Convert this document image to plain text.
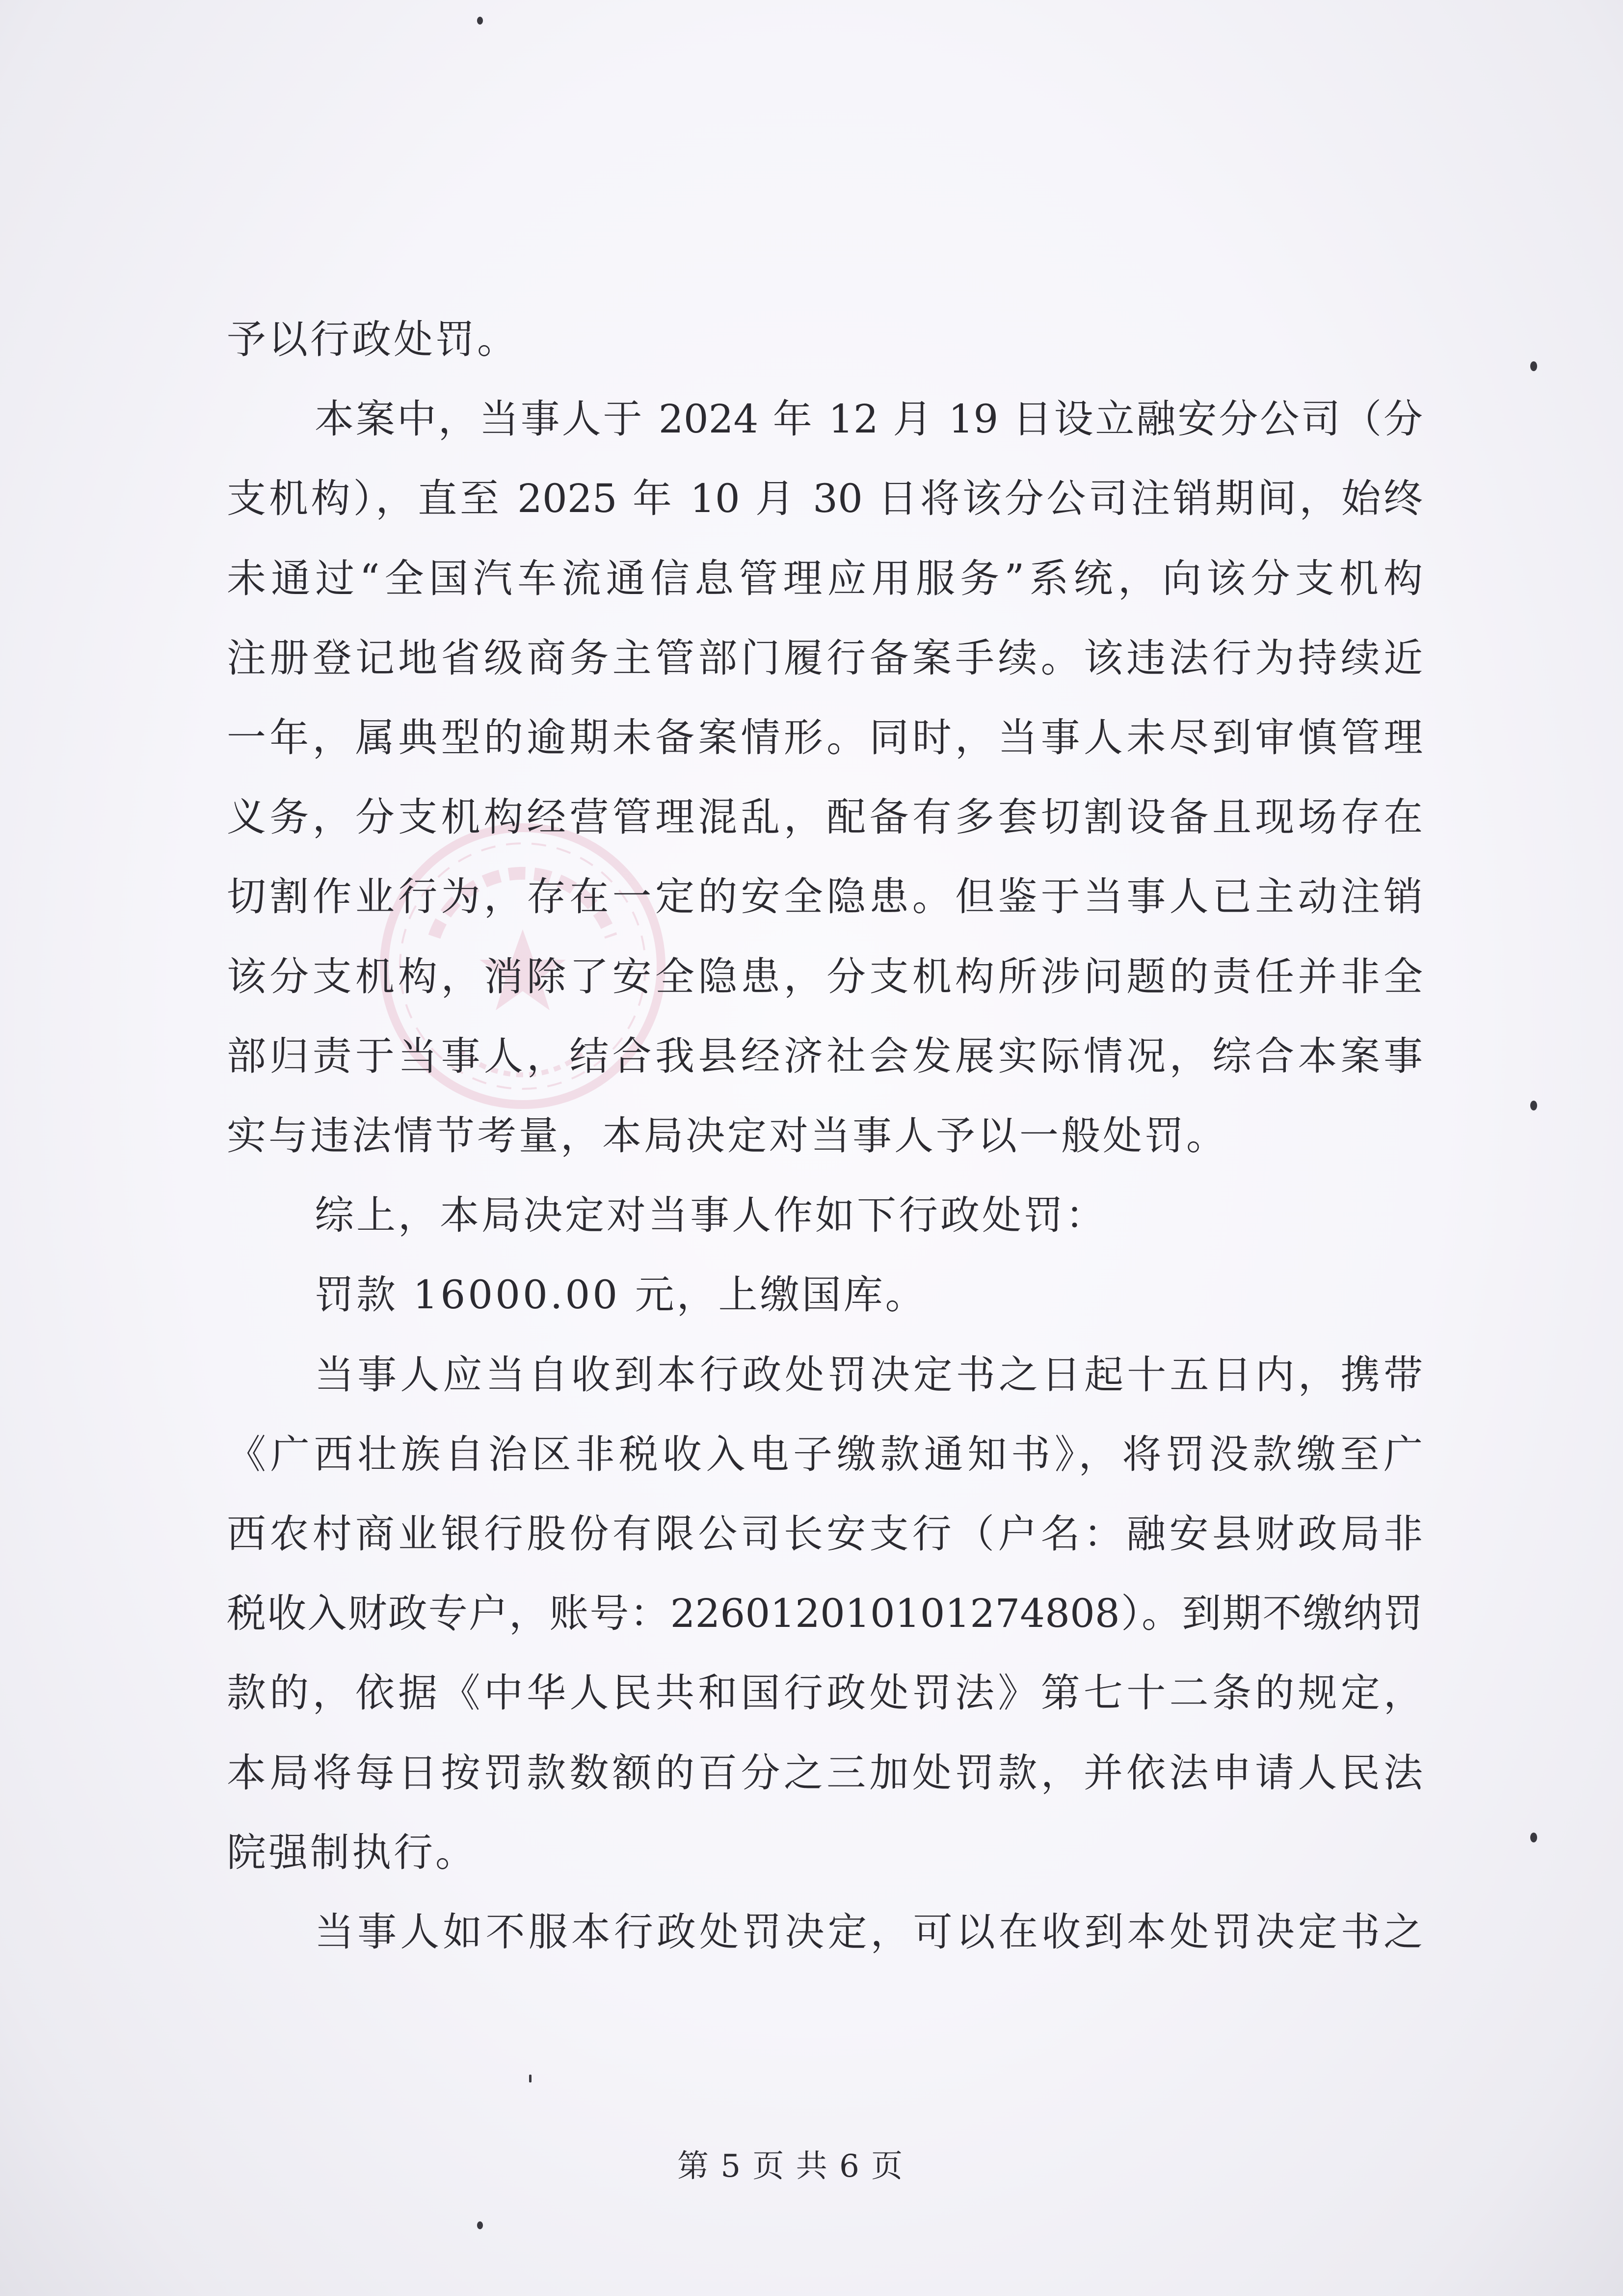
予以行政处罚。
本案中，当事人于 2024 年 12 月 19 日设立融安分公司（分
支机构），直至 2025 年 10 月 30 日将该分公司注销期间，始终
未通过“全国汽车流通信息管理应用服务”系统，向该分支机构
注册登记地省级商务主管部门履行备案手续。该违法行为持续近
一年，属典型的逾期未备案情形。同时，当事人未尽到审慎管理
义务，分支机构经营管理混乱，配备有多套切割设备且现场存在
切割作业行为，存在一定的安全隐患。但鉴于当事人已主动注销
该分支机构，消除了安全隐患，分支机构所涉问题的责任并非全
部归责于当事人，结合我县经济社会发展实际情况，综合本案事
实与违法情节考量，本局决定对当事人予以一般处罚。
综上，本局决定对当事人作如下行政处罚：
罚款 16000.00 元，上缴国库。
当事人应当自收到本行政处罚决定书之日起十五日内，携带
《广西壮族自治区非税收入电子缴款通知书》，将罚没款缴至广
西农村商业银行股份有限公司长安支行（户名：融安县财政局非
税收入财政专户，账号：226012010101274808）。到期不缴纳罚
款的，依据《中华人民共和国行政处罚法》第七十二条的规定，
本局将每日按罚款数额的百分之三加处罚款，并依法申请人民法
院强制执行。
当事人如不服本行政处罚决定，可以在收到本处罚决定书之
第 5 页 共 6 页
